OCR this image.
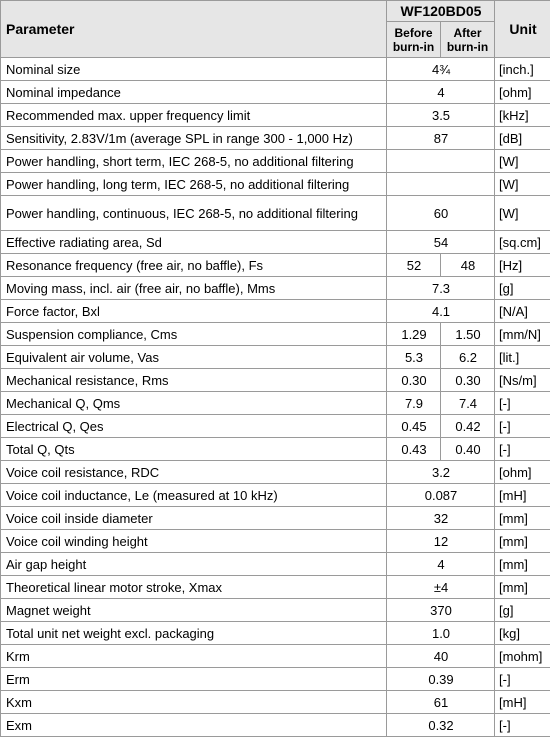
Parameter	WF120BD05		Unit
	Before burn-in	After burn-in	
Nominal size	4¾		[inch.]
Nominal impedance	4		[ohm]
Recommended max. upper frequency limit	3.5		[kHz]
Sensitivity, 2.83V/1m (average SPL in range 300 - 1,000 Hz)	87		[dB]
Power handling, short term, IEC 268-5, no additional filtering			[W]
Power handling, long term, IEC 268-5, no additional filtering			[W]
Power handling, continuous, IEC 268-5, no additional filtering	60		[W]
Effective radiating area, Sd	54		[sq.cm]
Resonance frequency (free air, no baffle), Fs	52	48	[Hz]
Moving mass, incl. air (free air, no baffle), Mms	7.3		[g]
Force factor, Bxl	4.1		[N/A]
Suspension compliance, Cms	1.29	1.50	[mm/N]
Equivalent air volume, Vas	5.3	6.2	[lit.]
Mechanical resistance, Rms	0.30	0.30	[Ns/m]
Mechanical Q, Qms	7.9	7.4	[-]
Electrical Q, Qes	0.45	0.42	[-]
Total Q, Qts	0.43	0.40	[-]
Voice coil resistance, RDC	3.2		[ohm]
Voice coil inductance, Le (measured at 10 kHz)	0.087		[mH]
Voice coil inside diameter	32		[mm]
Voice coil winding height	12		[mm]
Air gap height	4		[mm]
Theoretical linear motor stroke, Xmax	±4		[mm]
Magnet weight	370		[g]
Total unit net weight excl. packaging	1.0		[kg]
Krm	40		[mohm]
Erm	0.39		[-]
Kxm	61		[mH]
Exm	0.32		[-]
